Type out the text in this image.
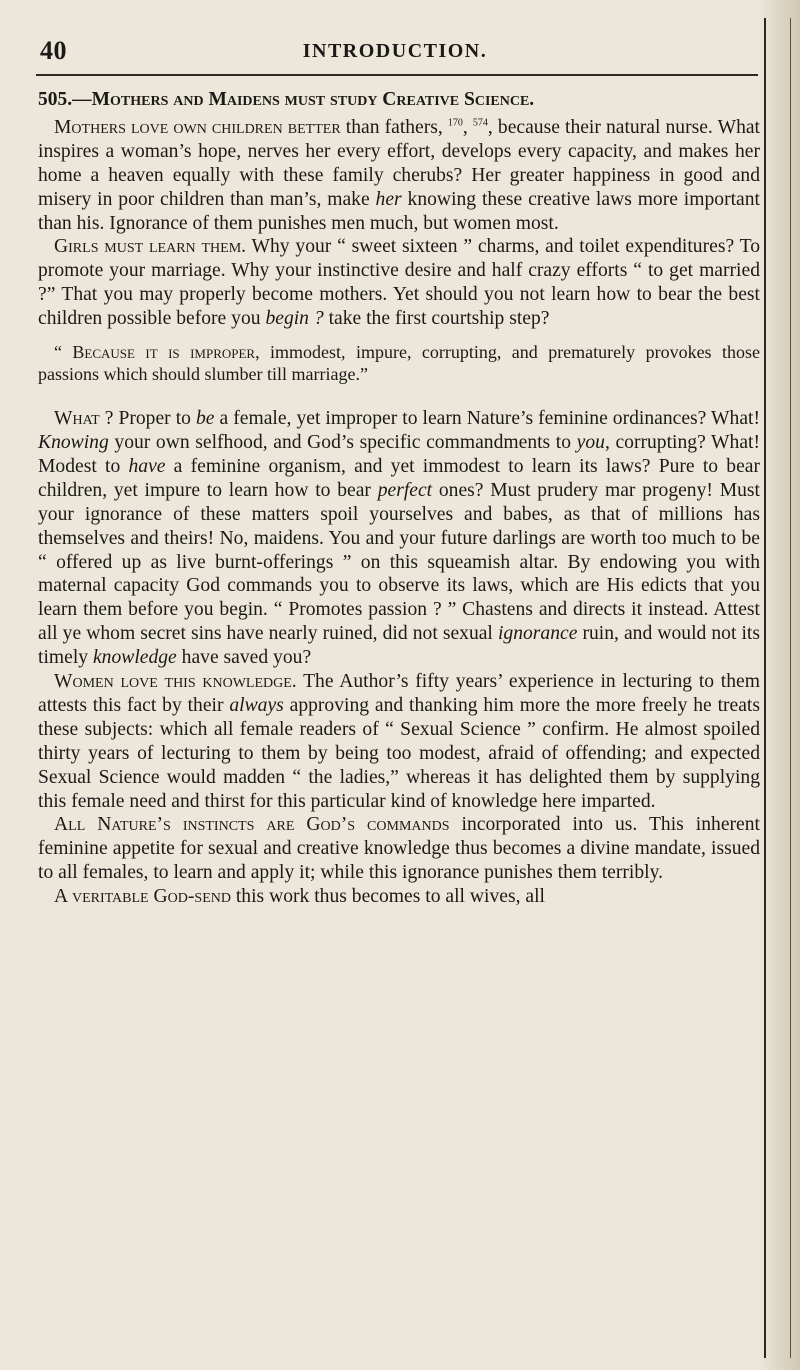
40	INTRODUCTION.

505.—Mothers and Maidens must study Creative Science.

Mothers love own children better than fathers, $^{170}$, $^{574}$, because their natural nurse. What inspires a woman’s hope, nerves her every effort, develops every capacity, and makes her home a heaven equally with these family cherubs? Her greater happiness in good and misery in poor children than man’s, make her knowing these creative laws more important than his. Ignorance of them punishes men much, but women most.

Girls must learn them. Why your “ sweet sixteen ” charms, and toilet expenditures? To promote your marriage. Why your instinctive desire and half crazy efforts “ to get married ?” That you may properly become mothers. Yet should you not learn how to bear the best children possible before you begin ? take the first courtship step?

“ Because it is improper, immodest, impure, corrupting, and prematurely provokes those passions which should slumber till marriage.”

What ? Proper to be a female, yet improper to learn Nature’s feminine ordinances? What! Knowing your own selfhood, and God’s specific commandments to you, corrupting? What! Modest to have a feminine organism, and yet immodest to learn its laws? Pure to bear children, yet impure to learn how to bear perfect ones? Must prudery mar progeny! Must your ignorance of these matters spoil yourselves and babes, as that of millions has themselves and theirs! No, maidens. You and your future darlings are worth too much to be “ offered up as live burnt-offerings ” on this squeamish altar. By endowing you with maternal capacity God commands you to observe its laws, which are His edicts that you learn them before you begin. “ Promotes passion ? ” Chastens and directs it instead. Attest all ye whom secret sins have nearly ruined, did not sexual ignorance ruin, and would not its timely knowledge have saved you?

Women love this knowledge. The Author’s fifty years’ experience in lecturing to them attests this fact by their always approving and thanking him more the more freely he treats these subjects: which all female readers of “ Sexual Science ” confirm. He almost spoiled thirty years of lecturing to them by being too modest, afraid of offending; and expected Sexual Science would madden “ the ladies,” whereas it has delighted them by supplying this female need and thirst for this particular kind of knowledge here imparted.

All Nature’s instincts are God’s commands incorporated into us. This inherent feminine appetite for sexual and creative knowledge thus becomes a divine mandate, issued to all females, to learn and apply it; while this ignorance punishes them terribly.

A veritable God-send this work thus becomes to all wives, all
